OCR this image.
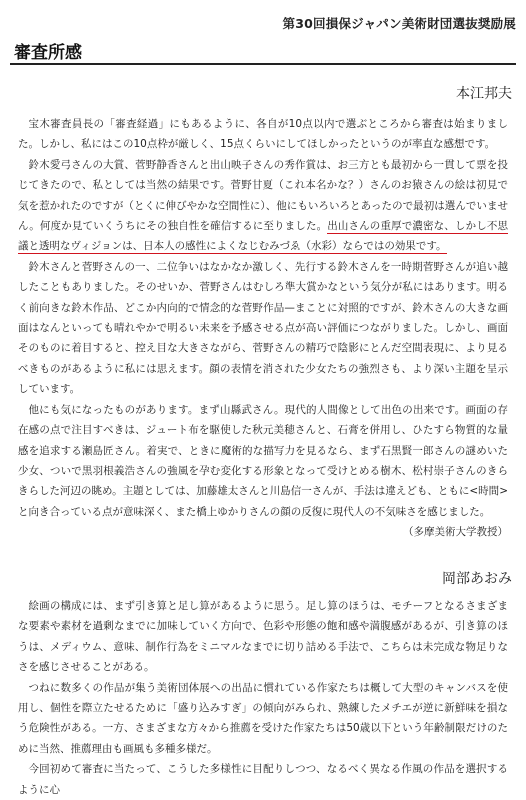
第30回損保ジャパン美術財団選抜奨励展
審査所感
本江邦夫

宝木審査員長の「審査経過」にもあるように、各自が10点以内で選ぶところから審査は始まりました。しかし、私にはこの10点枠が厳しく、15点くらいにしてほしかったというのが率直な感想です。

鈴木愛弓さんの大賞、菅野静香さんと出山映子さんの秀作賞は、お三方とも最初から一貫して票を投じてきたので、私としては当然の結果です。菅野甘夏（これ本名かな？）さんのお猿さんの絵は初見で気を惹かれたのですが（とくに伸びやかな空間性に）、他にもいろいろとあったので最初は選んでいません。何度か見ていくうちにその独自性を確信するに至りました。出山さんの重厚で濃密な、しかし不思議と透明なヴィジョンは、日本人の感性によくなじむみづゑ（水彩）ならではの効果です。

鈴木さんと菅野さんの一、二位争いはなかなか激しく、先行する鈴木さんを一時期菅野さんが追い越したこともありました。そのせいか、菅野さんはむしろ準大賞かなという気分が私にはあります。明るく前向きな鈴木作品、どこか内向的で情念的な菅野作品—まことに対照的ですが、鈴木さんの大きな画面はなんといっても晴れやかで明るい未来を予感させる点が高い評価につながりました。しかし、画面そのものに着目すると、控え目な大きさながら、菅野さんの精巧で陰影にとんだ空間表現に、より見るべきものがあるように私には思えます。顔の表情を消された少女たちの強烈さも、より深い主題を呈示しています。

他にも気になったものがあります。まず山縣武さん。現代的人間像として出色の出来です。画面の存在感の点で注目すべきは、ジュート布を駆使した秋元美穂さんと、石膏を併用し、ひたすら物質的な量感を追求する瀬島匠さん。着実で、ときに魔術的な描写力を見るなら、まず石黒賢一郎さんの謎めいた少女、ついで黒羽根義浩さんの強風を孕む変化する形象となって受けとめる樹木、松村崇子さんのきらきらした河辺の眺め。主題としては、加藤雄太さんと川島信一さんが、手法は違えども、ともに<時間>と向き合っている点が意味深く、また橋上ゆかりさんの顔の反復に現代人の不気味さを感じました。

（多摩美術大学教授）

岡部あおみ

絵画の構成には、まず引き算と足し算があるように思う。足し算のほうは、モチーフとなるさまざまな要素や素材を過剰なまでに加味していく方向で、色彩や形態の飽和感や満腹感があるが、引き算のほうは、メディウム、意味、制作行為をミニマルなまでに切り詰める手法で、こちらは未完成な物足りなさを感じさせることがある。

つねに数多くの作品が集う美術団体展への出品に慣れている作家たちは概して大型のキャンバスを使用し、個性を際立たせるために「盛り込みすぎ」の傾向がみられ、熟練したメチエが逆に新鮮味を損なう危険性がある。一方、さまざまな方々から推薦を受けた作家たちは50歳以下という年齢制限だけのために当然、推薦理由も画風も多種多様だ。

今回初めて審査に当たって、こうした多様性に目配りしつつ、なるべく異なる作風の作品を選択するように心
